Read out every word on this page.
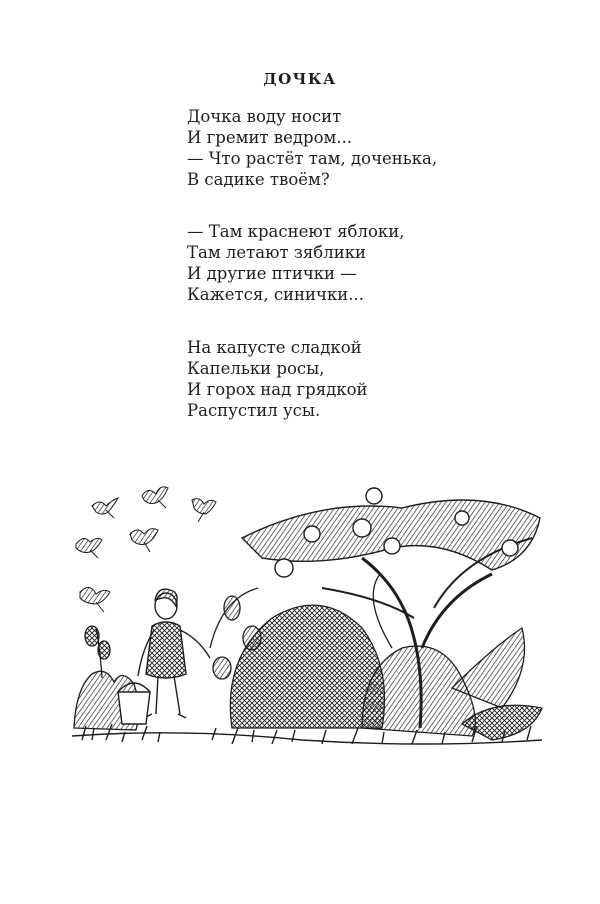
ДОЧКА
Дочка воду носит
И гремит ведром...
— Что растёт там, доченька,
В садике твоём?
— Там краснеют яблоки,
Там летают зяблики
И другие птички —
Кажется, синички...
На капусте сладкой
Капельки росы,
И горох над грядкой
Распустил усы.
